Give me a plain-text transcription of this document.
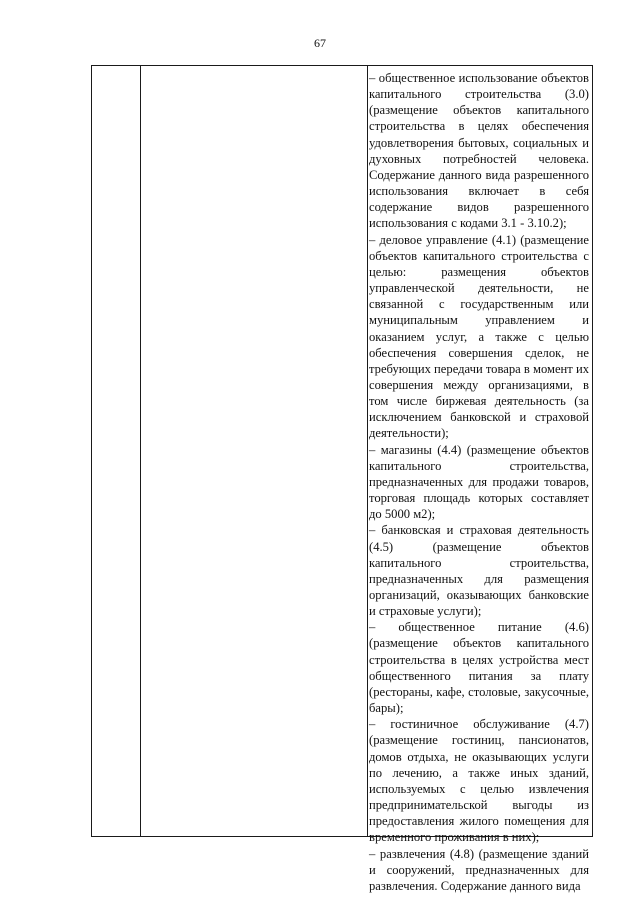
67

– общественное использование объектов капитального строительства (3.0) (размещение объектов капитального строительства в целях обеспечения удовлетворения бытовых, социальных и духовных потребностей человека. Содержание данного вида разрешенного использования включает в себя содержание видов разрешенного использования с кодами 3.1 - 3.10.2);

– деловое управление (4.1) (размещение объектов капитального строительства с целью: размещения объектов управленческой деятельности, не связанной с государственным или муниципальным управлением и оказанием услуг, а также с целью обеспечения совершения сделок, не требующих передачи товара в момент их совершения между организациями, в том числе биржевая деятельность (за исключением банковской и страховой деятельности);

– магазины (4.4) (размещение объектов капитального строительства, предназначенных для продажи товаров, торговая площадь которых составляет до 5000 м2);

– банковская и страховая деятельность (4.5) (размещение объектов капитального строительства, предназначенных для размещения организаций, оказывающих банковские и страховые услуги);

– общественное питание (4.6) (размещение объектов капитального строительства в целях устройства мест общественного питания за плату (рестораны, кафе, столовые, закусочные, бары);

– гостиничное обслуживание (4.7) (размещение гостиниц, пансионатов, домов отдыха, не оказывающих услуги по лечению, а также иных зданий, используемых с целью извлечения предпринимательской выгоды из предоставления жилого помещения для временного проживания в них);

– развлечения (4.8) (размещение зданий и сооружений, предназначенных для развлечения. Содержание данного вида
